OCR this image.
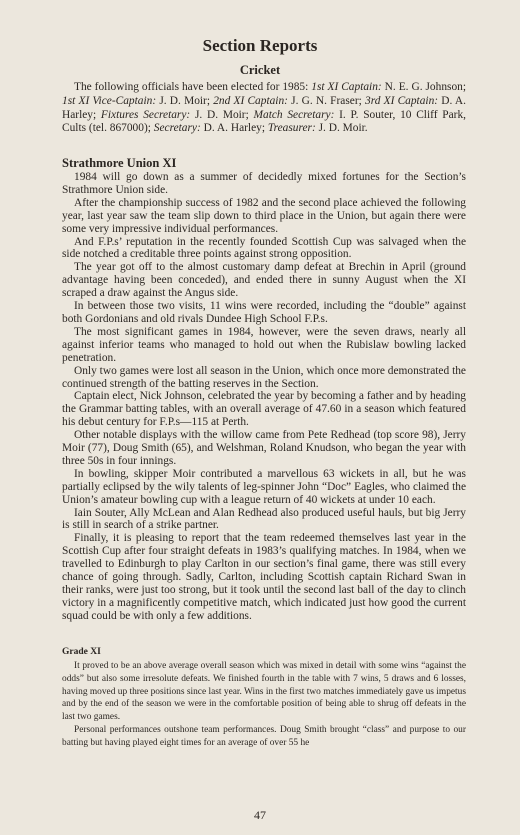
Section Reports
Cricket

The following officials have been elected for 1985: 1st XI Captain: N. E. G. Johnson; 1st XI Vice-Captain: J. D. Moir; 2nd XI Captain: J. G. N. Fraser; 3rd XI Captain: D. A. Harley; Fixtures Secretary: J. D. Moir; Match Secretary: I. P. Souter, 10 Cliff Park, Cults (tel. 867000); Secretary: D. A. Harley; Treasurer: J. D. Moir.

Strathmore Union XI

1984 will go down as a summer of decidedly mixed fortunes for the Section’s Strathmore Union side.

After the championship success of 1982 and the second place achieved the following year, last year saw the team slip down to third place in the Union, but again there were some very impressive individual performances.

And F.P.s’ reputation in the recently founded Scottish Cup was salvaged when the side notched a creditable three points against strong opposition.

The year got off to the almost customary damp defeat at Brechin in April (ground advantage having been conceded), and ended there in sunny August when the XI scraped a draw against the Angus side.

In between those two visits, 11 wins were recorded, including the “double” against both Gordonians and old rivals Dundee High School F.P.s.

The most significant games in 1984, however, were the seven draws, nearly all against inferior teams who managed to hold out when the Rubislaw bowling lacked penetration.

Only two games were lost all season in the Union, which once more demonstrated the continued strength of the batting reserves in the Section.

Captain elect, Nick Johnson, celebrated the year by becoming a father and by heading the Grammar batting tables, with an overall average of 47.60 in a season which featured his debut century for F.P.s—115 at Perth.

Other notable displays with the willow came from Pete Redhead (top score 98), Jerry Moir (77), Doug Smith (65), and Welshman, Roland Knudson, who began the year with three 50s in four innings.

In bowling, skipper Moir contributed a marvellous 63 wickets in all, but he was partially eclipsed by the wily talents of leg-spinner John “Doc” Eagles, who claimed the Union’s amateur bowling cup with a league return of 40 wickets at under 10 each.

Iain Souter, Ally McLean and Alan Redhead also produced useful hauls, but big Jerry is still in search of a strike partner.

Finally, it is pleasing to report that the team redeemed themselves last year in the Scottish Cup after four straight defeats in 1983’s qualifying matches. In 1984, when we travelled to Edinburgh to play Carlton in our section’s final game, there was still every chance of going through. Sadly, Carlton, including Scottish captain Richard Swan in their ranks, were just too strong, but it took until the second last ball of the day to clinch victory in a magnificently competitive match, which indicated just how good the current squad could be with only a few additions.

Grade XI

It proved to be an above average overall season which was mixed in detail with some wins “against the odds” but also some irresolute defeats. We finished fourth in the table with 7 wins, 5 draws and 6 losses, having moved up three positions since last year. Wins in the first two matches immediately gave us impetus and by the end of the season we were in the comfortable position of being able to shrug off defeats in the last two games.

Personal performances outshone team performances. Doug Smith brought “class” and purpose to our batting but having played eight times for an average of over 55 he

47
